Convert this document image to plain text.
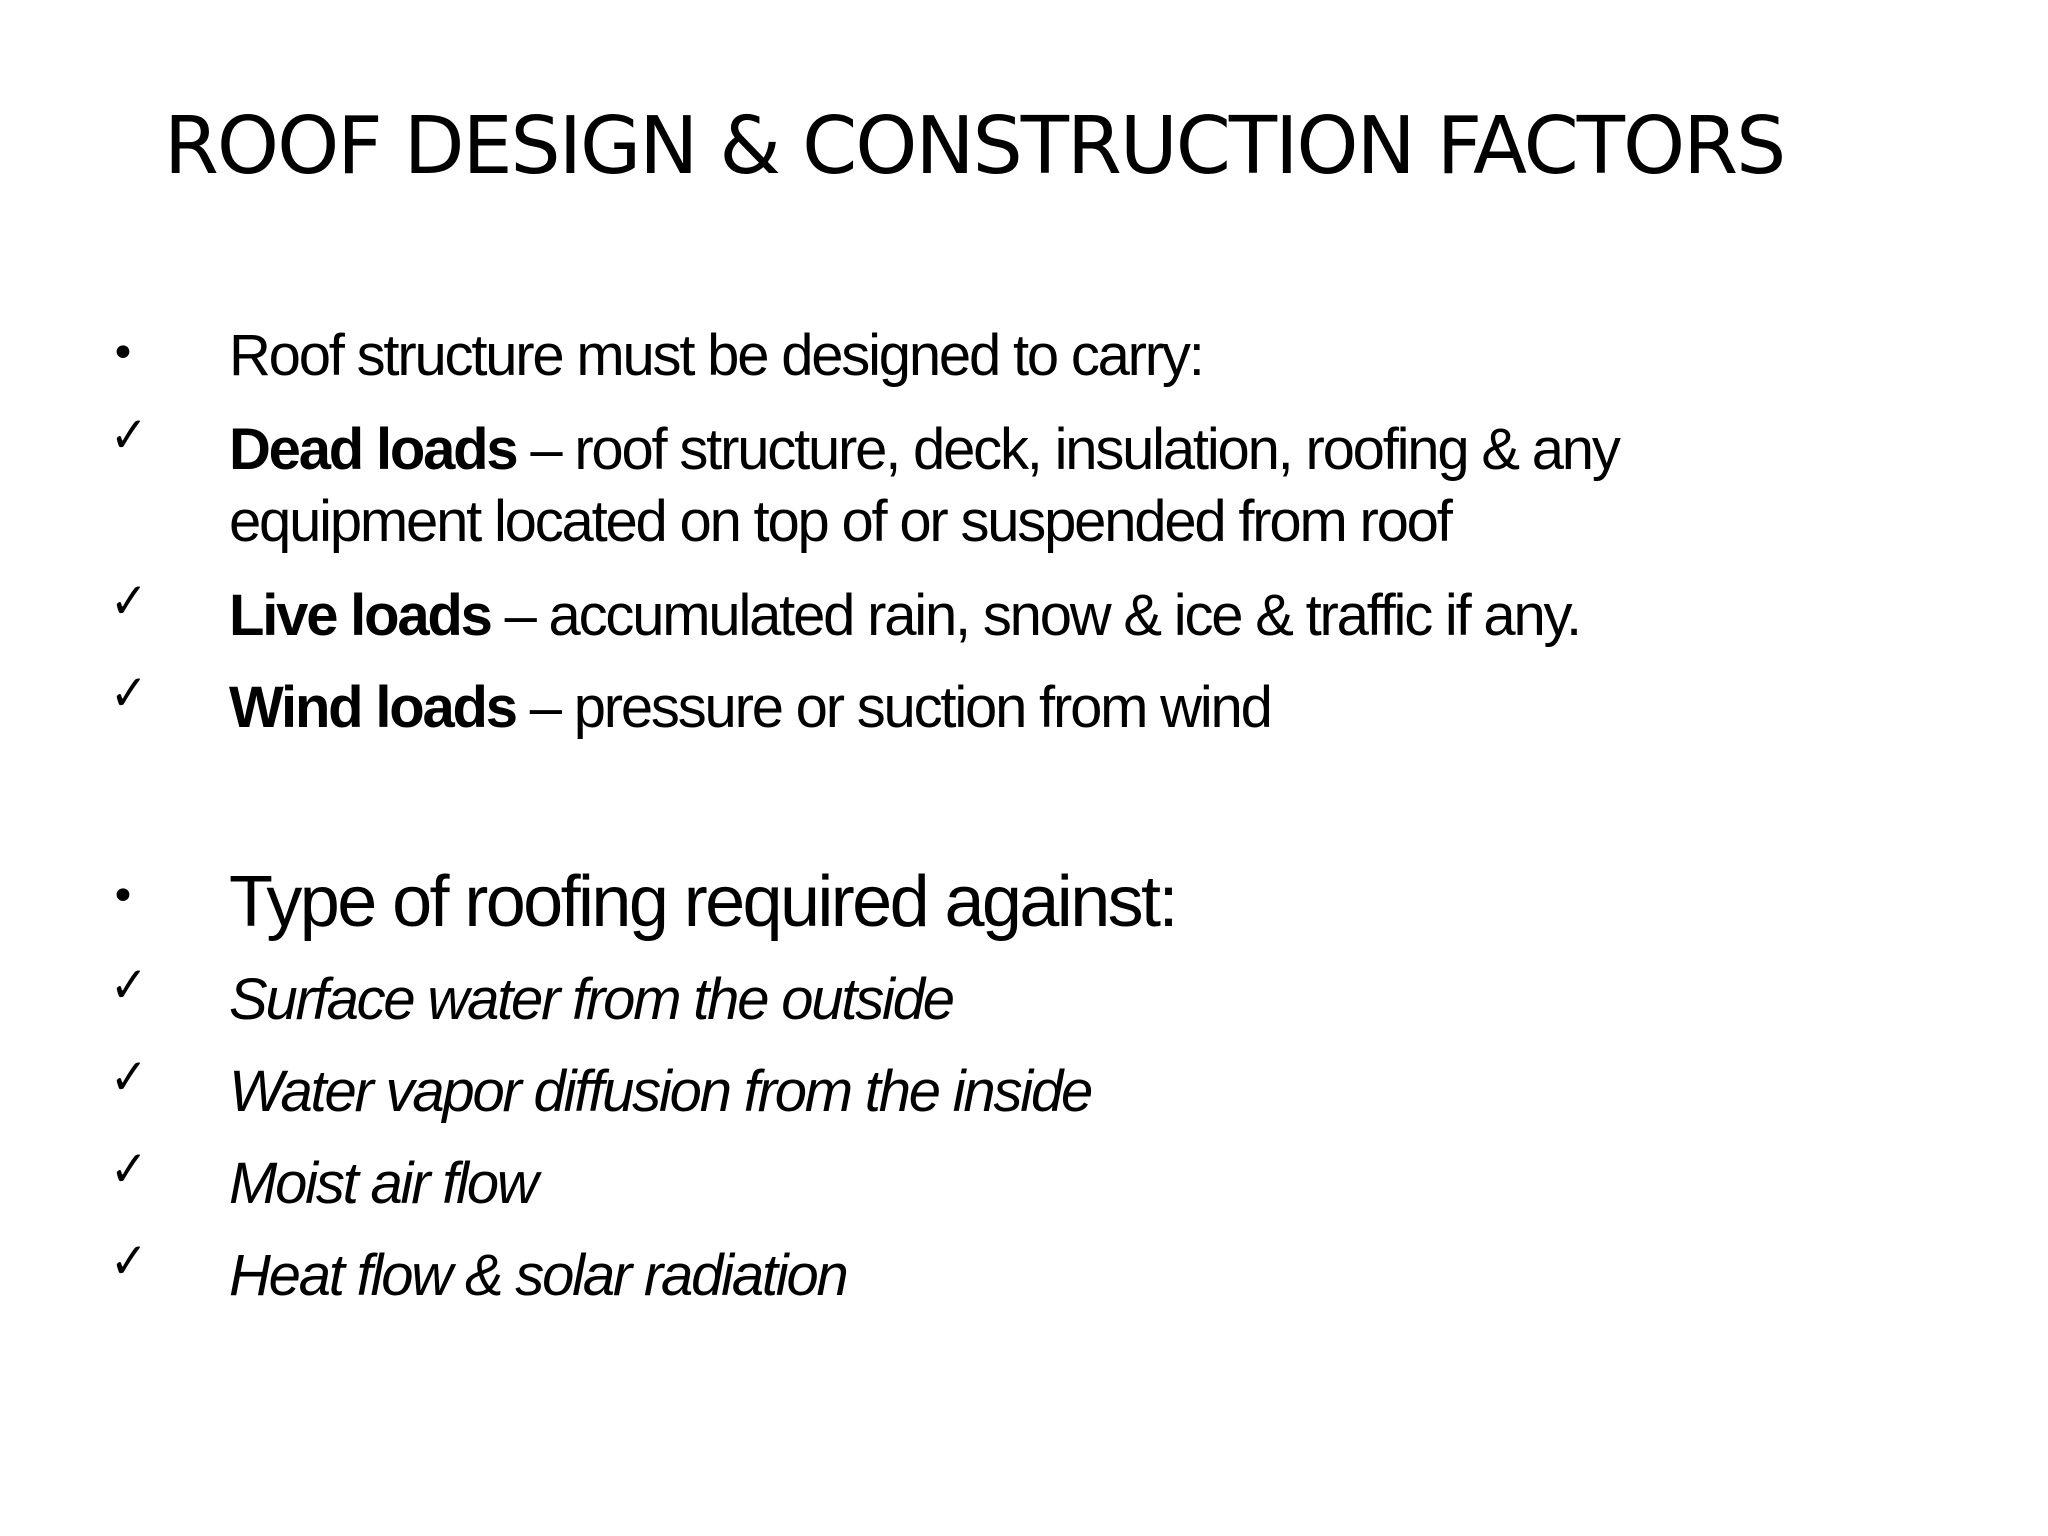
ROOF DESIGN & CONSTRUCTION FACTORS
• Roof structure must be designed to carry:
✓ Dead loads – roof structure, deck, insulation, roofing & any
equipment located on top of or suspended from roof
✓ Live loads – accumulated rain, snow & ice & traffic if any.
✓ Wind loads – pressure or suction from wind
• Type of roofing required against:
✓ Surface water from the outside
✓ Water vapor diffusion from the inside
✓ Moist air flow
✓ Heat flow & solar radiation
